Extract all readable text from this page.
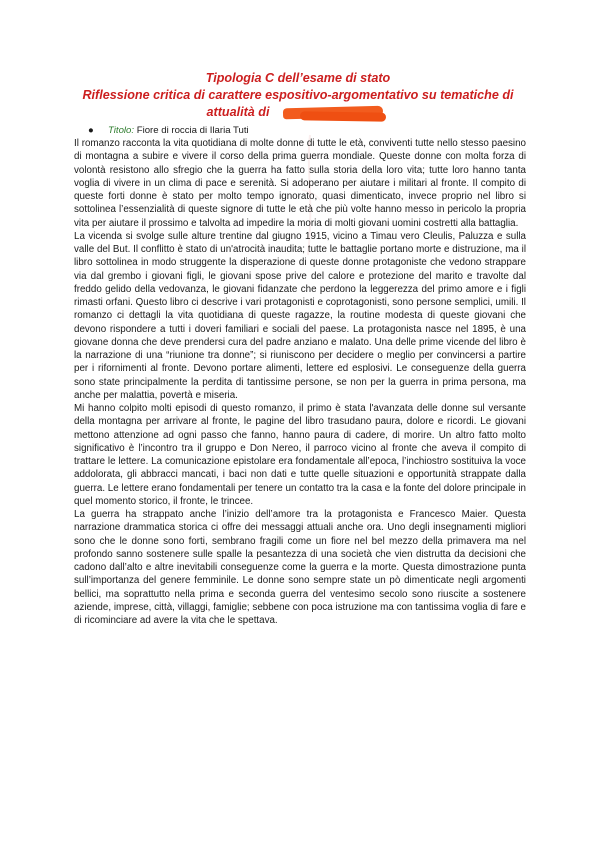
Tipologia C dell’esame di stato
Riflessione critica di carattere espositivo-argomentativo su tematiche di
attualità di
● Titolo: Fiore di roccia di Ilaria Tuti

Il romanzo racconta la vita quotidiana di molte donne di tutte le età, conviventi tutte nello stesso paesino di montagna a subire e vivere il corso della prima guerra mondiale. Queste donne con molta forza di volontà resistono allo sfregio che la guerra ha fatto sulla storia della loro vita; tutte loro hanno tanta voglia di vivere in un clima di pace e serenità. Si adoperano per aiutare i militari al fronte. Il compito di queste forti donne è stato per molto tempo ignorato, quasi dimenticato, invece proprio nel libro si sottolinea l’essenzialità di queste signore di tutte le età che più volte hanno messo in pericolo la propria vita per aiutare il prossimo e talvolta ad impedire la moria di molti giovani uomini costretti alla battaglia.

La vicenda si svolge sulle alture trentine dal giugno 1915, vicino a Timau vero Cleulis, Paluzza e sulla valle del But. Il conflitto è stato di un'atrocità inaudita; tutte le battaglie portano morte e distruzione, ma il libro sottolinea in modo struggente la disperazione di queste donne protagoniste che vedono strappare via dal grembo i giovani figli, le giovani spose prive del calore e protezione del marito e travolte dal freddo gelido della vedovanza, le giovani fidanzate che perdono la leggerezza del primo amore e i figli rimasti orfani. Questo libro ci descrive i vari protagonisti e coprotagonisti, sono persone semplici, umili. Il romanzo ci dettagli la vita quotidiana di queste ragazze, la routine modesta di queste giovani che devono rispondere a tutti i doveri familiari e sociali del paese. La protagonista nasce nel 1895, è una giovane donna che deve prendersi cura del padre anziano e malato. Una delle prime vicende del libro è la narrazione di una “riunione tra donne”; si riuniscono per decidere o meglio per convincersi a partire per i rifornimenti al fronte. Devono portare alimenti, lettere ed esplosivi. Le conseguenze della guerra sono state principalmente la perdita di tantissime persone, se non per la guerra in prima persona, ma anche per malattia, povertà e miseria.

Mi hanno colpito molti episodi di questo romanzo, il primo è stata l'avanzata delle donne sul versante della montagna per arrivare al fronte, le pagine del libro trasudano paura, dolore e ricordi. Le giovani mettono attenzione ad ogni passo che fanno, hanno paura di cadere, di morire. Un altro fatto molto significativo è l’incontro tra il gruppo e Don Nereo, il parroco vicino al fronte che aveva il compito di trattare le lettere. La comunicazione epistolare era fondamentale all’epoca, l’inchiostro sostituiva la voce addolorata, gli abbracci mancati, i baci non dati e tutte quelle situazioni e opportunità strappate dalla guerra. Le lettere erano fondamentali per tenere un contatto tra la casa e la fonte del dolore principale in quel momento storico, il fronte, le trincee.

La guerra ha strappato anche l’inizio dell’amore tra la protagonista e Francesco Maier. Questa narrazione drammatica storica ci offre dei messaggi attuali anche ora. Uno degli insegnamenti migliori sono che le donne sono forti, sembrano fragili come un fiore nel bel mezzo della primavera ma nel profondo sanno sostenere sulle spalle la pesantezza di una società che vien distrutta da decisioni che cadono dall’alto e altre inevitabili conseguenze come la guerra e la morte. Questa dimostrazione punta sull’importanza del genere femminile. Le donne sono sempre state un pò dimenticate negli argomenti bellici, ma soprattutto nella prima e seconda guerra del ventesimo secolo sono riuscite a sostenere aziende, imprese, città, villaggi, famiglie; sebbene con poca istruzione ma con tantissima voglia di fare e di ricominciare ad avere la vita che le spettava.
